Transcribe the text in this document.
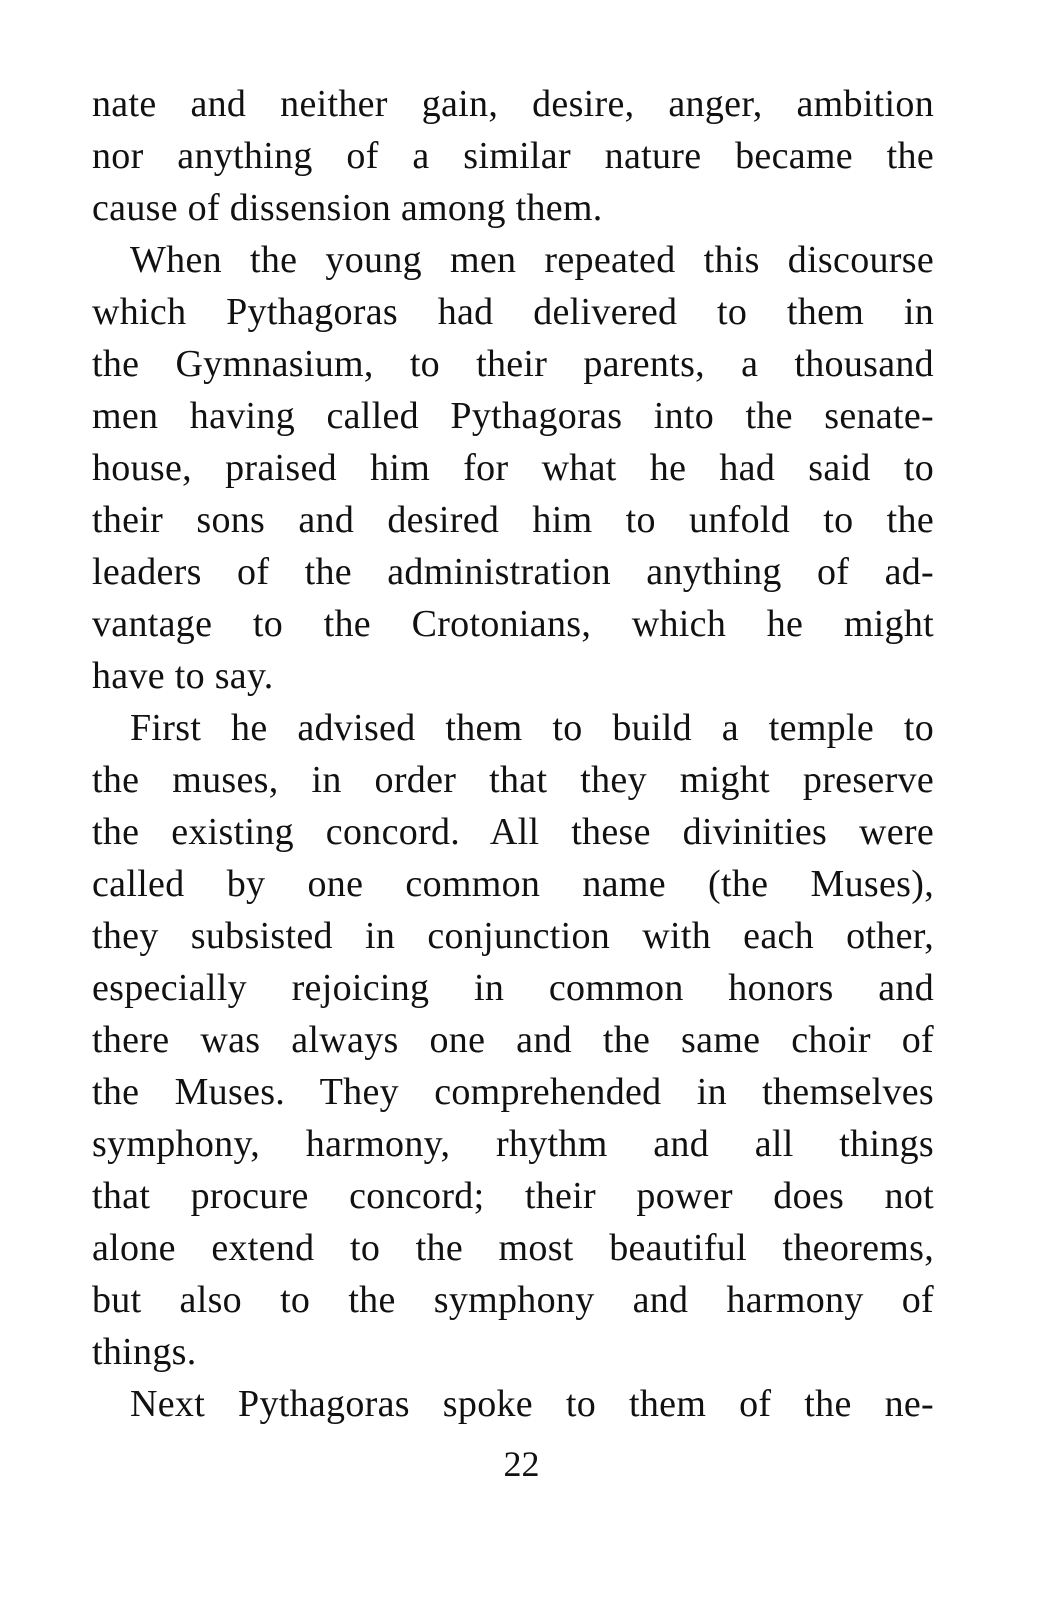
nate and neither gain, desire, anger, ambition
nor anything of a similar nature became the
cause of dissension among them.
When the young men repeated this discourse
which Pythagoras had delivered to them in
the Gymnasium, to their parents, a thousand
men having called Pythagoras into the senate-
house, praised him for what he had said to
their sons and desired him to unfold to the
leaders of the administration anything of ad-
vantage to the Crotonians, which he might
have to say.
First he advised them to build a temple to
the muses, in order that they might preserve
the existing concord. All these divinities were
called by one common name (the Muses),
they subsisted in conjunction with each other,
especially rejoicing in common honors and
there was always one and the same choir of
the Muses. They comprehended in themselves
symphony, harmony, rhythm and all things
that procure concord; their power does not
alone extend to the most beautiful theorems,
but also to the symphony and harmony of
things.
Next Pythagoras spoke to them of the ne-
22
